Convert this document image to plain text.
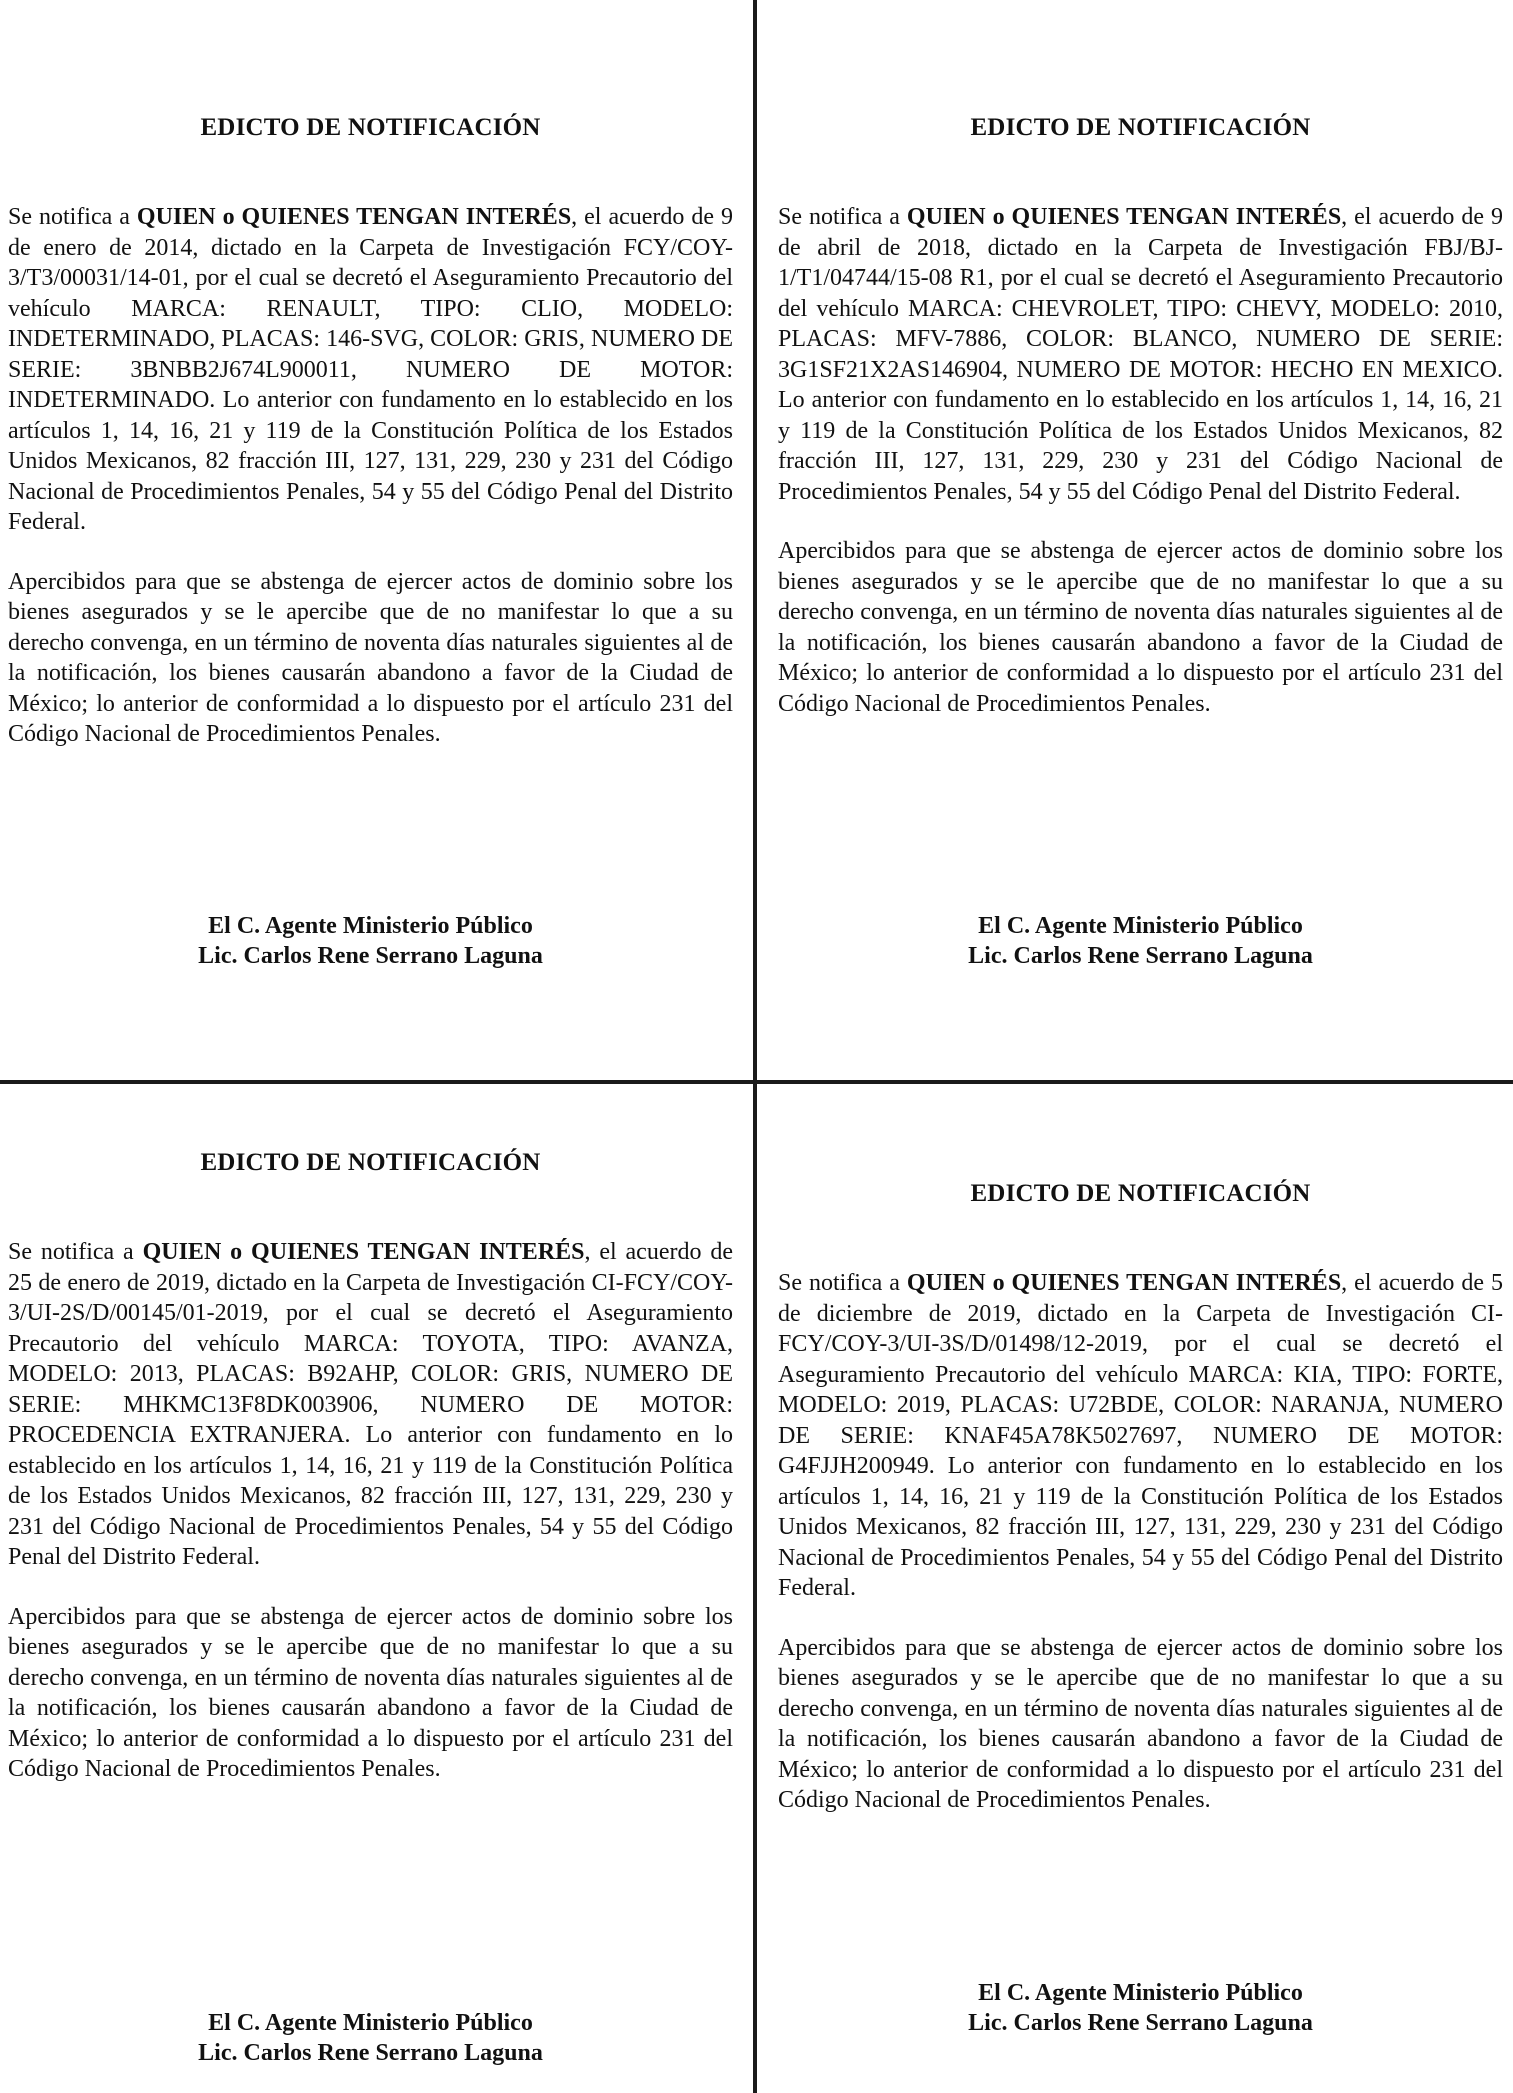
EDICTO DE NOTIFICACIÓN

Se notifica a QUIEN o QUIENES TENGAN INTERÉS, el acuerdo de 9 de enero de 2014, dictado en la Carpeta de Investigación FCY/COY-3/T3/00031/14-01, por el cual se decretó el Aseguramiento Precautorio del vehículo MARCA: RENAULT, TIPO: CLIO, MODELO: INDETERMINADO, PLACAS: 146-SVG, COLOR: GRIS, NUMERO DE SERIE: 3BNBB2J674L900011, NUMERO DE MOTOR: INDETERMINADO. Lo anterior con fundamento en lo establecido en los artículos 1, 14, 16, 21 y 119 de la Constitución Política de los Estados Unidos Mexicanos, 82 fracción III, 127, 131, 229, 230 y 231 del Código Nacional de Procedimientos Penales, 54 y 55 del Código Penal del Distrito Federal.

Apercibidos para que se abstenga de ejercer actos de dominio sobre los bienes asegurados y se le apercibe que de no manifestar lo que a su derecho convenga, en un término de noventa días naturales siguientes al de la notificación, los bienes causarán abandono a favor de la Ciudad de México; lo anterior de conformidad a lo dispuesto por el artículo 231 del Código Nacional de Procedimientos Penales.

El C. Agente Ministerio Público
Lic. Carlos Rene Serrano Laguna

EDICTO DE NOTIFICACIÓN

Se notifica a QUIEN o QUIENES TENGAN INTERÉS, el acuerdo de 9 de abril de 2018, dictado en la Carpeta de Investigación FBJ/BJ-1/T1/04744/15-08 R1, por el cual se decretó el Aseguramiento Precautorio del vehículo MARCA: CHEVROLET, TIPO: CHEVY, MODELO: 2010, PLACAS: MFV-7886, COLOR: BLANCO, NUMERO DE SERIE: 3G1SF21X2AS146904, NUMERO DE MOTOR: HECHO EN MEXICO. Lo anterior con fundamento en lo establecido en los artículos 1, 14, 16, 21 y 119 de la Constitución Política de los Estados Unidos Mexicanos, 82 fracción III, 127, 131, 229, 230 y 231 del Código Nacional de Procedimientos Penales, 54 y 55 del Código Penal del Distrito Federal.

Apercibidos para que se abstenga de ejercer actos de dominio sobre los bienes asegurados y se le apercibe que de no manifestar lo que a su derecho convenga, en un término de noventa días naturales siguientes al de la notificación, los bienes causarán abandono a favor de la Ciudad de México; lo anterior de conformidad a lo dispuesto por el artículo 231 del Código Nacional de Procedimientos Penales.

El C. Agente Ministerio Público
Lic. Carlos Rene Serrano Laguna

EDICTO DE NOTIFICACIÓN

Se notifica a QUIEN o QUIENES TENGAN INTERÉS, el acuerdo de 25 de enero de 2019, dictado en la Carpeta de Investigación CI-FCY/COY-3/UI-2S/D/00145/01-2019, por el cual se decretó el Aseguramiento Precautorio del vehículo MARCA: TOYOTA, TIPO: AVANZA, MODELO: 2013, PLACAS: B92AHP, COLOR: GRIS, NUMERO DE SERIE: MHKMC13F8DK003906, NUMERO DE MOTOR: PROCEDENCIA EXTRANJERA. Lo anterior con fundamento en lo establecido en los artículos 1, 14, 16, 21 y 119 de la Constitución Política de los Estados Unidos Mexicanos, 82 fracción III, 127, 131, 229, 230 y 231 del Código Nacional de Procedimientos Penales, 54 y 55 del Código Penal del Distrito Federal.

Apercibidos para que se abstenga de ejercer actos de dominio sobre los bienes asegurados y se le apercibe que de no manifestar lo que a su derecho convenga, en un término de noventa días naturales siguientes al de la notificación, los bienes causarán abandono a favor de la Ciudad de México; lo anterior de conformidad a lo dispuesto por el artículo 231 del Código Nacional de Procedimientos Penales.

El C. Agente Ministerio Público
Lic. Carlos Rene Serrano Laguna

EDICTO DE NOTIFICACIÓN

Se notifica a QUIEN o QUIENES TENGAN INTERÉS, el acuerdo de 5 de diciembre de 2019, dictado en la Carpeta de Investigación CI-FCY/COY-3/UI-3S/D/01498/12-2019, por el cual se decretó el Aseguramiento Precautorio del vehículo MARCA: KIA, TIPO: FORTE, MODELO: 2019, PLACAS: U72BDE, COLOR: NARANJA, NUMERO DE SERIE: KNAF45A78K5027697, NUMERO DE MOTOR: G4FJJH200949. Lo anterior con fundamento en lo establecido en los artículos 1, 14, 16, 21 y 119 de la Constitución Política de los Estados Unidos Mexicanos, 82 fracción III, 127, 131, 229, 230 y 231 del Código Nacional de Procedimientos Penales, 54 y 55 del Código Penal del Distrito Federal.

Apercibidos para que se abstenga de ejercer actos de dominio sobre los bienes asegurados y se le apercibe que de no manifestar lo que a su derecho convenga, en un término de noventa días naturales siguientes al de la notificación, los bienes causarán abandono a favor de la Ciudad de México; lo anterior de conformidad a lo dispuesto por el artículo 231 del Código Nacional de Procedimientos Penales.

El C. Agente Ministerio Público
Lic. Carlos Rene Serrano Laguna
